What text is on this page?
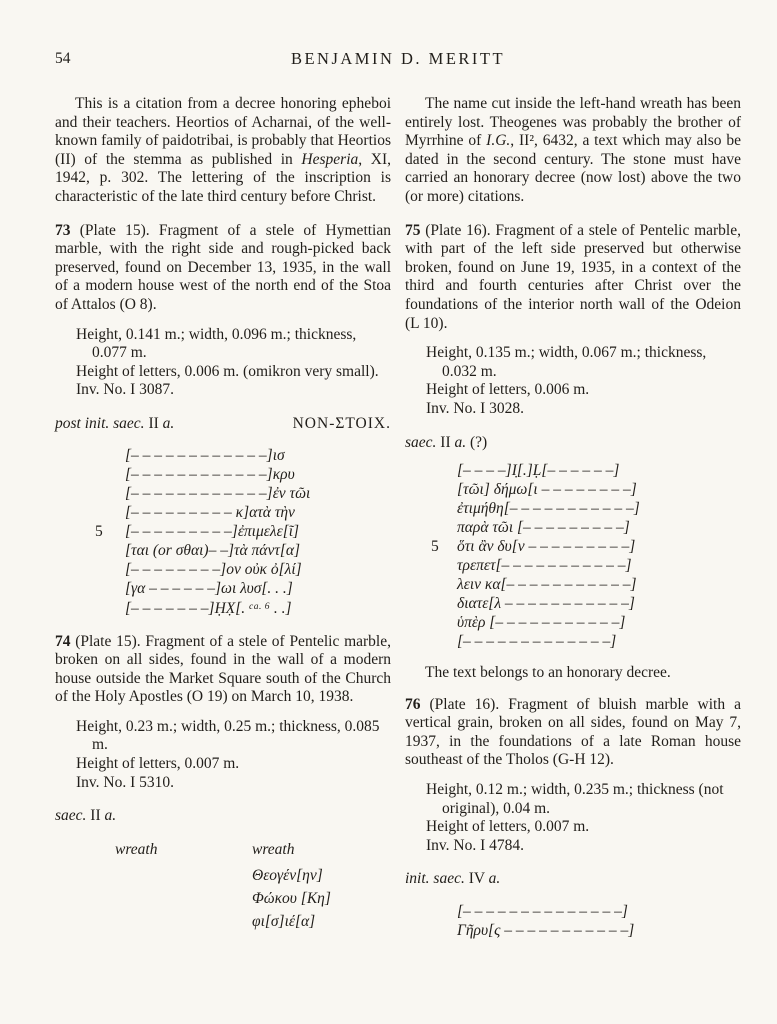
54	BENJAMIN D. MERITT

This is a citation from a decree honoring epheboi and their teachers. Heortios of Acharnai, of the well-known family of paidotribai, is probably that Heortios (II) of the stemma as published in Hesperia, XI, 1942, p. 302. The lettering of the inscription is characteristic of the late third century before Christ.

73 (Plate 15). Fragment of a stele of Hymettian marble, with the right side and rough-picked back preserved, found on December 13, 1935, in the wall of a modern house west of the north end of the Stoa of Attalos (O 8).

Height, 0.141 m.; width, 0.096 m.; thickness, 0.077 m.
Height of letters, 0.006 m. (omikron very small).
Inv. No. I 3087.
post init. saec. II a.	NON-ΣTOIX.
[– – – – – – – – – – – –]ισ
[– – – – – – – – – – – –]κρυ
[– – – – – – – – – – – –]ἐν τῶι
[– – – – – – – – – κ]ατὰ τὴν
5 [– – – – – – – – –]ἐπιμελε[ῖ]
[ται (or σθαι)– –]τὰ πάντ[α]
[– – – – – – – –]ον οὐκ ὀ[λί]
[γα – – – – – –]ωι λυσ[. . .]
[– – – – – – –]ḤX̣[. $^{ca. 6}$ . .]

74 (Plate 15). Fragment of a stele of Pentelic marble, broken on all sides, found in the wall of a modern house outside the Market Square south of the Church of the Holy Apostles (O 19) on March 10, 1938.

Height, 0.23 m.; width, 0.25 m.; thickness, 0.085 m.
Height of letters, 0.007 m.
Inv. No. I 5310.

saec. II a.

wreath	wreath
Θεογέν[ην]
Φώκου [Κη]
φι[σ]ιέ[α]

The name cut inside the left-hand wreath has been entirely lost. Theogenes was probably the brother of Myrrhine of I.G., II², 6432, a text which may also be dated in the second century. The stone must have carried an honorary decree (now lost) above the two (or more) citations.

75 (Plate 16). Fragment of a stele of Pentelic marble, with part of the left side preserved but otherwise broken, found on June 19, 1935, in a context of the third and fourth centuries after Christ over the foundations of the interior north wall of the Odeion (L 10).

Height, 0.135 m.; width, 0.067 m.; thickness, 0.032 m.
Height of letters, 0.006 m.
Inv. No. I 3028.

saec. II a. (?)

[– – – –]Ι̣[.]Ḷ[– – – – – –]
[τῶι] δήμω[ι – – – – – – – –]
ἐτιμήθη[– – – – – – – – – – –]
παρὰ τῶι [– – – – – – – – –]
5 ὅτι ἂν δυ[ν – – – – – – – – –]
τρεπετ[– – – – – – – – – – –]
λειν κα[– – – – – – – – – – –]
διατε[λ – – – – – – – – – – –]
ὑπὲρ [– – – – – – – – – – –]
[– – – – – – – – – – – – –]

The text belongs to an honorary decree.

76 (Plate 16). Fragment of bluish marble with a vertical grain, broken on all sides, found on May 7, 1937, in the foundations of a late Roman house southeast of the Tholos (G-H 12).

Height, 0.12 m.; width, 0.235 m.; thickness (not original), 0.04 m.
Height of letters, 0.007 m.
Inv. No. I 4784.

init. saec. IV a.

[– – – – – – – – – – – – – –]
Γῆρυ[ς – – – – – – – – – – –]
